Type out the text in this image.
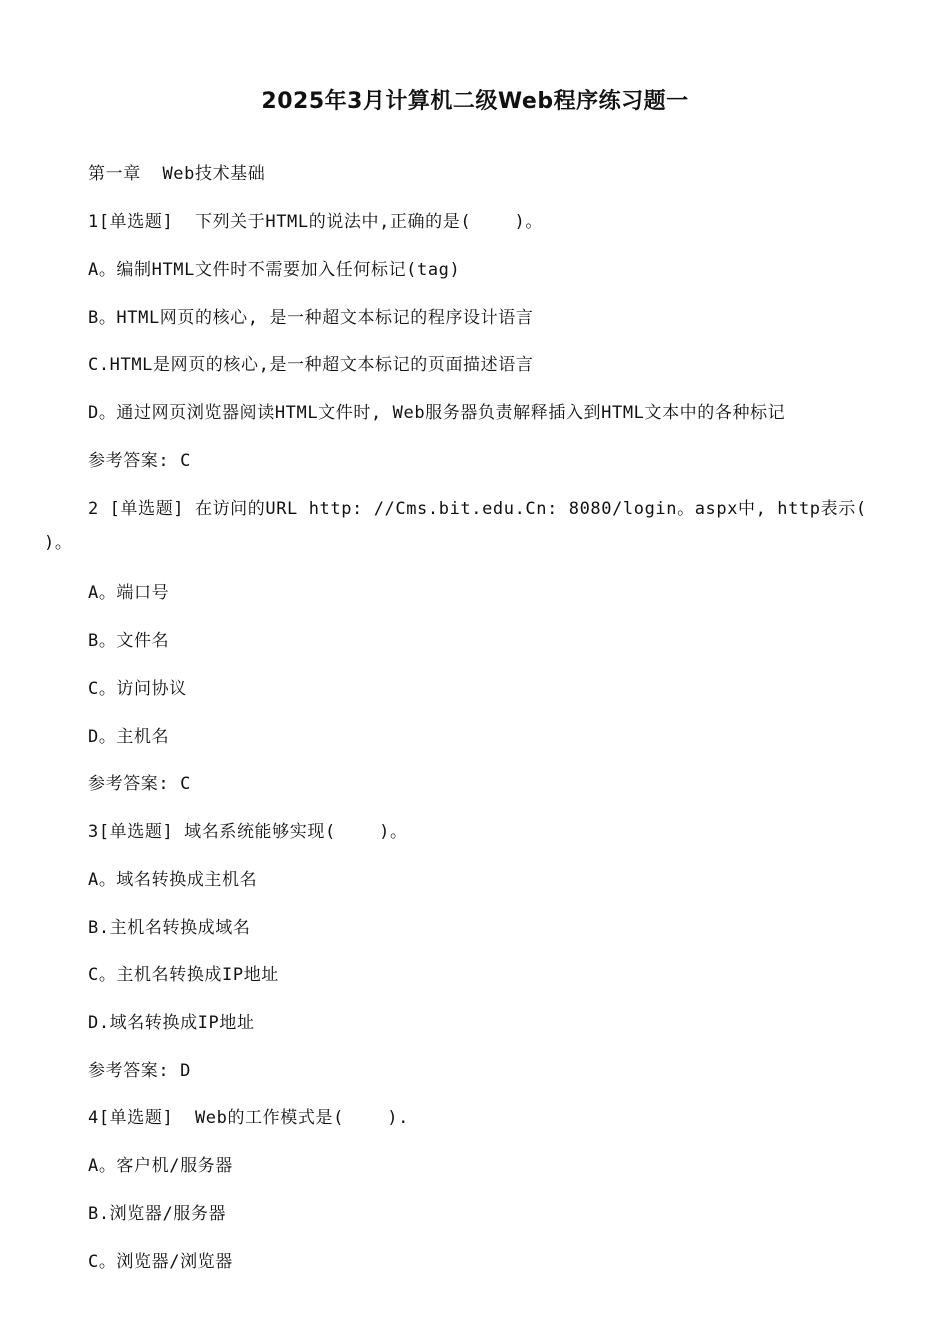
2025年3月计算机二级Web程序练习题一
第一章  Web技术基础
1[单选题]  下列关于HTML的说法中,正确的是(    )。
A。编制HTML文件时不需要加入任何标记(tag)
B。HTML网页的核心, 是一种超文本标记的程序设计语言
C.HTML是网页的核心,是一种超文本标记的页面描述语言
D。通过网页浏览器阅读HTML文件时, Web服务器负责解释插入到HTML文本中的各种标记
参考答案: C
2 [单选题] 在访问的URL http: //Cms.bit.edu.Cn: 8080/login。aspx中, http表示(
)。
A。端口号
B。文件名
C。访问协议
D。主机名
参考答案: C
3[单选题] 域名系统能够实现(    )。
A。域名转换成主机名
B.主机名转换成域名
C。主机名转换成IP地址
D.域名转换成IP地址
参考答案: D
4[单选题]  Web的工作模式是(    ).
A。客户机/服务器
B.浏览器/服务器
C。浏览器/浏览器
